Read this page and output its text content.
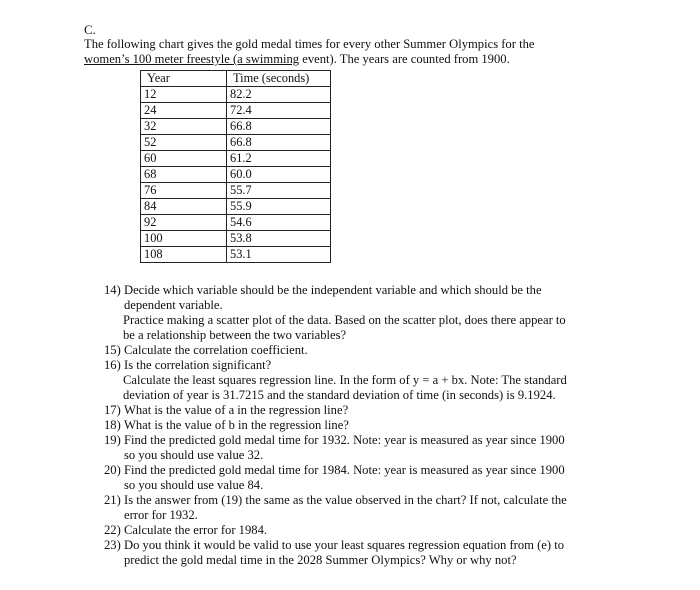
C.
The following chart gives the gold medal times for every other Summer Olympics for the
women’s 100 meter freestyle (a swimming event). The years are counted from 1900.
Year	Time (seconds)
12	82.2
24	72.4
32	66.8
52	66.8
60	61.2
68	60.0
76	55.7
84	55.9
92	54.6
100	53.8
108	53.1
14) Decide which variable should be the independent variable and which should be the
dependent variable.
Practice making a scatter plot of the data. Based on the scatter plot, does there appear to
be a relationship between the two variables?
15) Calculate the correlation coefficient.
16) Is the correlation significant?
Calculate the least squares regression line. In the form of y = a + bx. Note: The standard
deviation of year is 31.7215 and the standard deviation of time (in seconds) is 9.1924.
17) What is the value of a in the regression line?
18) What is the value of b in the regression line?
19) Find the predicted gold medal time for 1932. Note: year is measured as year since 1900
so you should use value 32.
20) Find the predicted gold medal time for 1984. Note: year is measured as year since 1900
so you should use value 84.
21) Is the answer from (19) the same as the value observed in the chart? If not, calculate the
error for 1932.
22) Calculate the error for 1984.
23) Do you think it would be valid to use your least squares regression equation from (e) to
predict the gold medal time in the 2028 Summer Olympics? Why or why not?
